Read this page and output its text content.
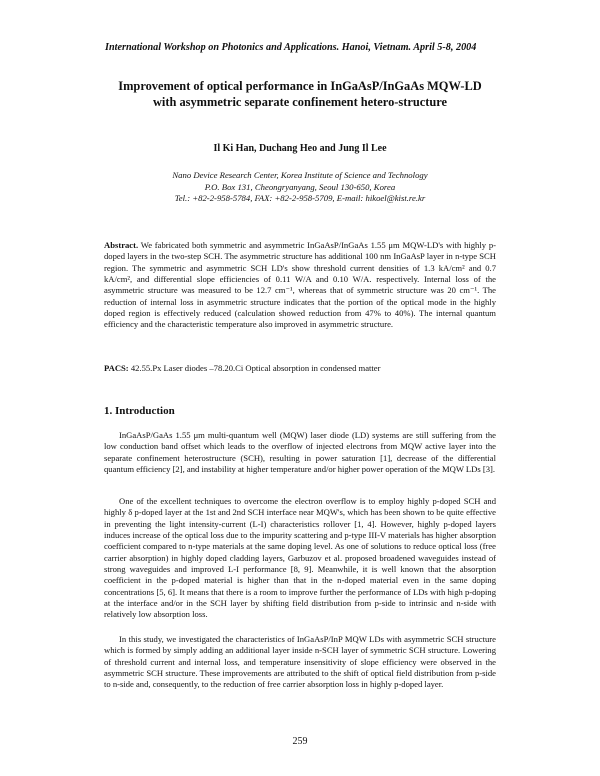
International Workshop on Photonics and Applications. Hanoi, Vietnam. April 5-8, 2004
Improvement of optical performance in InGaAsP/InGaAs MQW-LD
with asymmetric separate confinement hetero-structure
Il Ki Han, Duchang Heo and Jung Il Lee
Nano Device Research Center, Korea Institute of Science and Technology
P.O. Box 131, Cheongryanyang, Seoul 130-650, Korea
Tel.: +82-2-958-5784, FAX: +82-2-958-5709, E-mail: hikoel@kist.re.kr
Abstract. We fabricated both symmetric and asymmetric InGaAsP/InGaAs 1.55 μm MQW-LD's with highly p-doped layers in the two-step SCH. The asymmetric structure has additional 100 nm InGaAsP layer in n-type SCH region. The symmetric and asymmetric SCH LD's show threshold current densities of 1.3 kA/cm² and 0.7 kA/cm², and differential slope efficiencies of 0.11 W/A and 0.10 W/A. respectively. Internal loss of the asymmetric structure was measured to be 12.7 cm⁻¹, whereas that of symmetric structure was 20 cm⁻¹. The reduction of internal loss in asymmetric structure indicates that the portion of the optical mode in the highly doped region is effectively reduced (calculation showed reduction from 47% to 40%). The internal quantum efficiency and the characteristic temperature also improved in asymmetric structure.
PACS: 42.55.Px Laser diodes –78.20.Ci Optical absorption in condensed matter
1. Introduction
InGaAsP/GaAs 1.55 μm multi-quantum well (MQW) laser diode (LD) systems are still suffering from the low conduction band offset which leads to the overflow of injected electrons from MQW active layer into the separate confinement heterostructure (SCH), resulting in power saturation [1], decrease of the differential quantum efficiency [2], and instability at higher temperature and/or higher power operation of the MQW LDs [3].
One of the excellent techniques to overcome the electron overflow is to employ highly p-doped SCH and highly δ p-doped layer at the 1st and 2nd SCH interface near MQW's, which has been shown to be quite effective in preventing the light intensity-current (L-I) characteristics rollover [1, 4]. However, highly p-doped layers induces increase of the optical loss due to the impurity scattering and p-type III-V materials has higher absorption coefficient compared to n-type materials at the same doping level. As one of solutions to reduce optical loss (free carrier absorption) in highly doped cladding layers, Garbuzov et al. proposed broadened waveguides instead of strong waveguides and improved L-I performance [8, 9]. Meanwhile, it is well known that the absorption coefficient in the p-doped material is higher than that in the n-doped material even in the same doping concentrations [5, 6]. It means that there is a room to improve further the performance of LDs with high p-doping at the interface and/or in the SCH layer by shifting field distribution from p-side to intrinsic and n-side with relatively low absorption loss.
In this study, we investigated the characteristics of InGaAsP/InP MQW LDs with asymmetric SCH structure which is formed by simply adding an additional layer inside n-SCH layer of symmetric SCH structure. Lowering of threshold current and internal loss, and temperature insensitivity of slope efficiency were observed in the asymmetric SCH structure. These improvements are attributed to the shift of optical field distribution from p-side to n-side and, consequently, to the reduction of free carrier absorption loss in highly p-doped layer.
259
